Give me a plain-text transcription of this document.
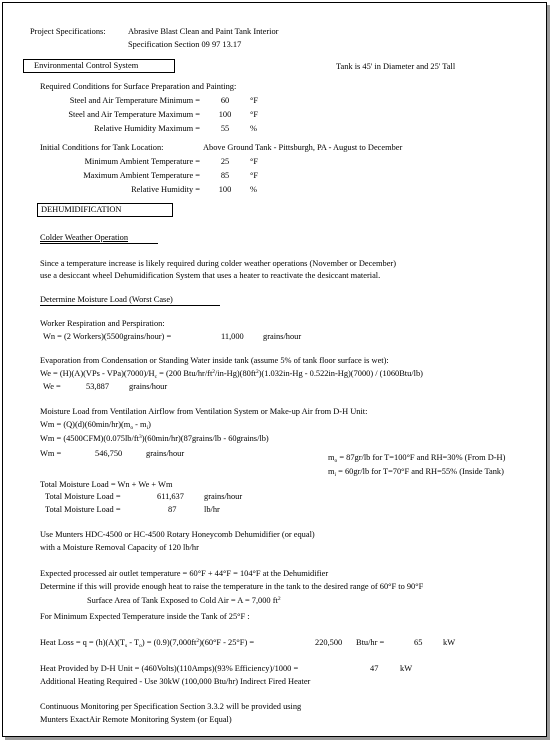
Project Specifications:	Abrasive Blast Clean and Paint Tank Interior
Specification Section 09 97 13.17
Environmental Control System	Tank is 45' in Diameter and 25' Tall
Required Conditions for Surface Preparation and Painting:
Steel and Air Temperature Minimum =	60	°F
Steel and Air Temperature Maximum =	100	°F
Relative Humidity Maximum =	55	%
Initial Conditions for Tank Location:	Above Ground Tank - Pittsburgh, PA - August to December
Minimum Ambient Temperature =	25	°F
Maximum Ambient Temperature =	85	°F
Relative Humidity =	100	%
DEHUMIDIFICATION
Colder Weather Operation
Since a temperature increase is likely required during colder weather operations (November or December)
use a desiccant wheel Dehumidification System that uses a heater to reactivate the desiccant material.
Determine Moisture Load (Worst Case)
Worker Respiration and Perspiration:
Wn = (2 Workers)(5500grains/hour) =	11,000 grains/hour
Evaporation from Condensation or Standing Water inside tank (assume 5% of tank floor surface is wet):
$We = (H)(A)(VPs - VPa)(7000)/H_c = (200$ Btu/$hr/ft^2/in-Hg)(80ft^2)(1.032in-Hg - 0.522in-Hg)(7000) / (1060Btu/lb)$
We =	53,887 grains/hour
Moisture Load from Ventilation Airflow from Ventilation System or Make-up Air from D-H Unit:
$Wm = (Q)(d)(60\min/hr)(m_o - m_i)$
$Wm = (4500CFM)(0.075lb/ft^3)(60\min/hr)(87grains/lb$ - 60grains/lb)
Wm =	546,750	grains/hour	$m_o = 87gr/lb$ for T=100°F and RH=30% (From D-H)
$m_i = 60gr/lb$ for T=70°F and RH=55% (Inside Tank)
Total Moisture Load = Wn + We + Wm
Total Moisture Load =	611,637 grains/hour
Total Moisture Load =	87	lb/hr
Use Munters HDC-4500 or HC-4500 Rotary Honeycomb Dehumidifier (or equal)
with a Moisture Removal Capacity of 120 lb/hr
Expected processed air outlet temperature = 60°F + 44°F = 104°F at the Dehumidifier
Determine if this will provide enough heat to raise the temperature in the tank to the desired range of 60°F to 90°F
Surface Area of Tank Exposed to Cold Air = A = 7,000 $ft^2$
For Minimum Expected Temperature inside the Tank of 25°F :
Heat Loss = $q = (h)(A)(T_s - T_o) = (0.9)(7,000ft^2)(60^\circ F - 25^\circ F)$ =	220,500 Btu/hr =	65 kW
Heat Provided by D-H Unit = (460Volts)(110Amps)(93% Efficiency)/1000 =	47	kW
Additional Heating Required - Use 30kW (100,000 Btu/hr) Indirect Fired Heater
Continuous Monitoring per Specification Section 3.3.2 will be provided using
Munters ExactAir Remote Monitoring System (or Equal)
